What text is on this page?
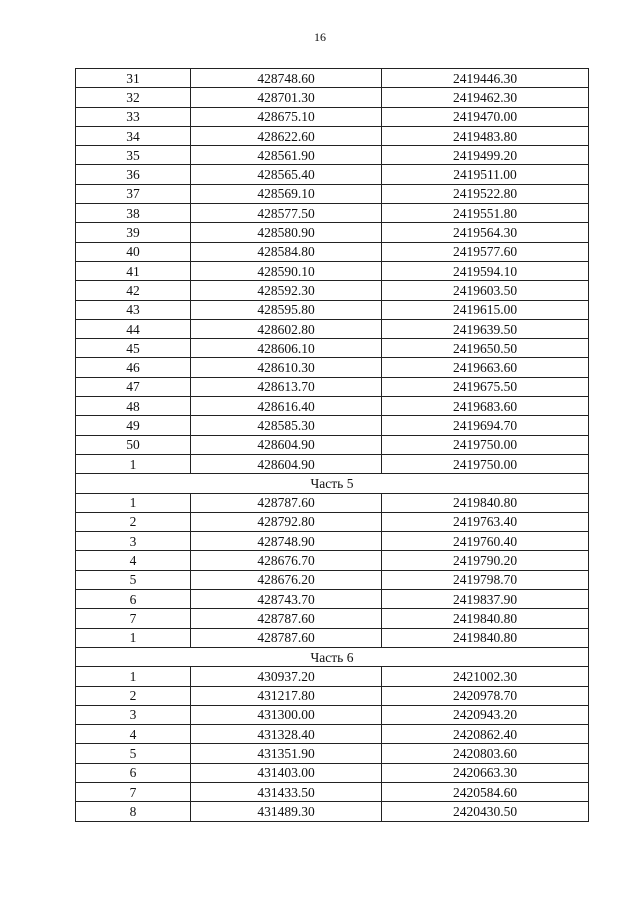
16
31	428748.60	2419446.30
32	428701.30	2419462.30
33	428675.10	2419470.00
34	428622.60	2419483.80
35	428561.90	2419499.20
36	428565.40	2419511.00
37	428569.10	2419522.80
38	428577.50	2419551.80
39	428580.90	2419564.30
40	428584.80	2419577.60
41	428590.10	2419594.10
42	428592.30	2419603.50
43	428595.80	2419615.00
44	428602.80	2419639.50
45	428606.10	2419650.50
46	428610.30	2419663.60
47	428613.70	2419675.50
48	428616.40	2419683.60
49	428585.30	2419694.70
50	428604.90	2419750.00
1	428604.90	2419750.00
Часть 5		
1	428787.60	2419840.80
2	428792.80	2419763.40
3	428748.90	2419760.40
4	428676.70	2419790.20
5	428676.20	2419798.70
6	428743.70	2419837.90
7	428787.60	2419840.80
1	428787.60	2419840.80
Часть 6		
1	430937.20	2421002.30
2	431217.80	2420978.70
3	431300.00	2420943.20
4	431328.40	2420862.40
5	431351.90	2420803.60
6	431403.00	2420663.30
7	431433.50	2420584.60
8	431489.30	2420430.50
